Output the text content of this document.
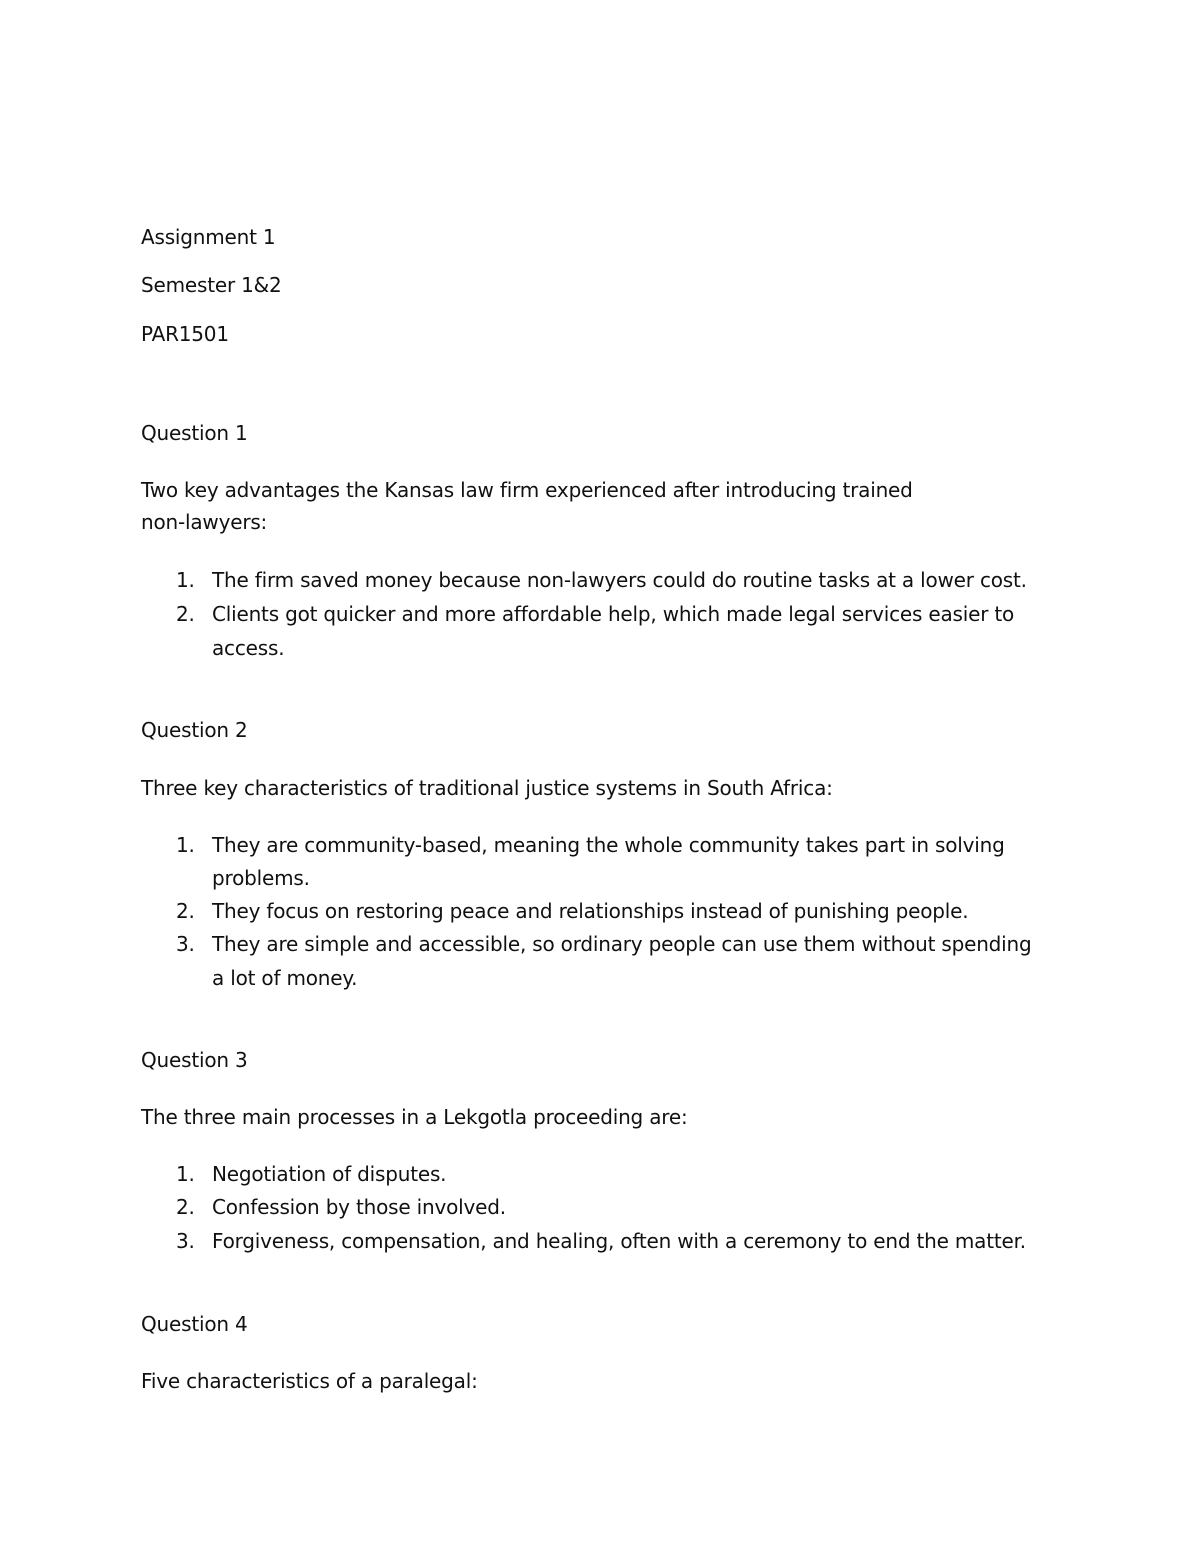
Assignment 1
Semester 1&2
PAR1501
Question 1
Two key advantages the Kansas law firm experienced after introducing trained
non-lawyers:
1. The firm saved money because non-lawyers could do routine tasks at a lower cost.
2. Clients got quicker and more affordable help, which made legal services easier to
access.
Question 2
Three key characteristics of traditional justice systems in South Africa:
1. They are community-based, meaning the whole community takes part in solving
problems.
2. They focus on restoring peace and relationships instead of punishing people.
3. They are simple and accessible, so ordinary people can use them without spending
a lot of money.
Question 3
The three main processes in a Lekgotla proceeding are:
1. Negotiation of disputes.
2. Confession by those involved.
3. Forgiveness, compensation, and healing, often with a ceremony to end the matter.
Question 4
Five characteristics of a paralegal:
